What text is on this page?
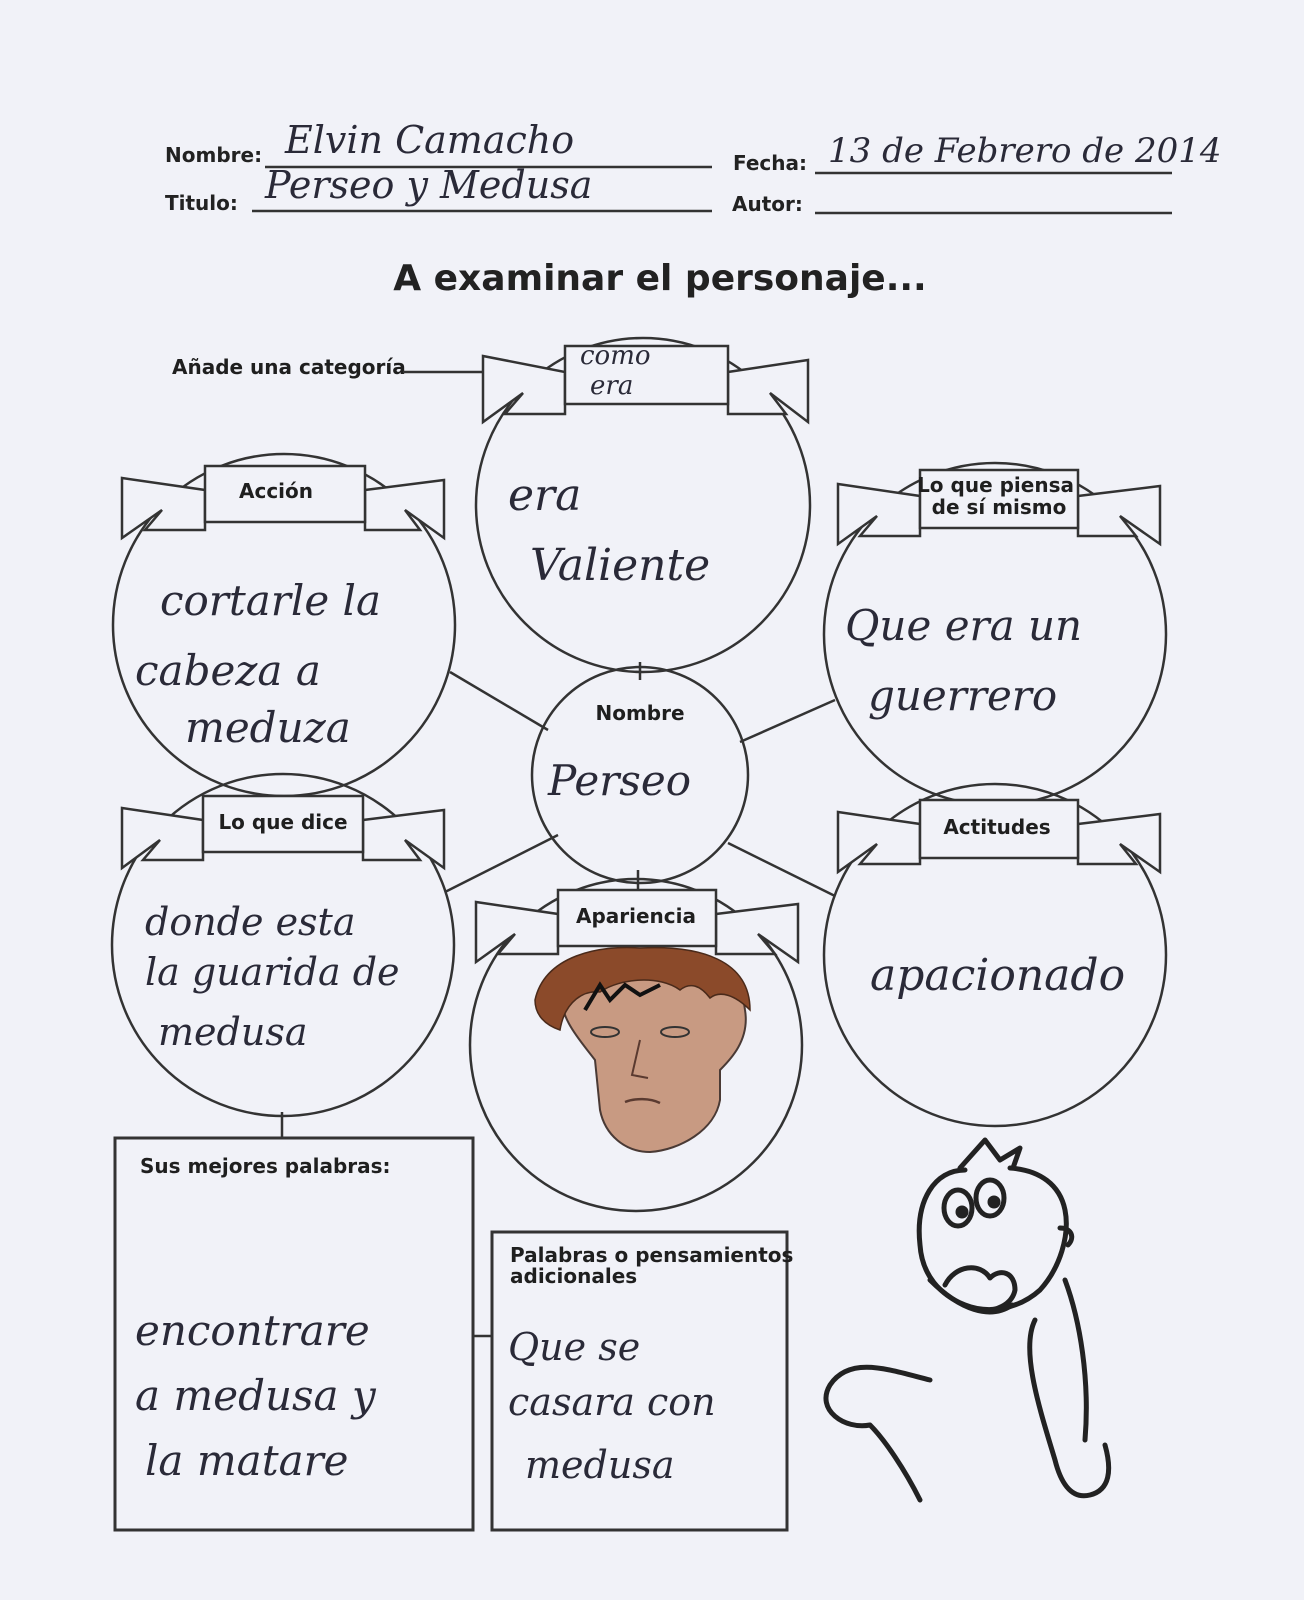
Nombre: Elvin Camacho
Fecha: 13 de Febrero de 2014
Titulo: Perseo y Medusa	Autor:
A examinar el personaje...
Añade una categoría	como era
era Valiente
Acción
cortarle la cabeza a meduza
Lo que piensa de sí mismo
Que era un guerrero
Nombre
Perseo
Lo que dice
donde esta la guarida de medusa
Actitudes
apacionado
Apariencia
Sus mejores palabras:
encontrare a medusa y la matare
Palabras o pensamientos adicionales
Que se casara con medusa
